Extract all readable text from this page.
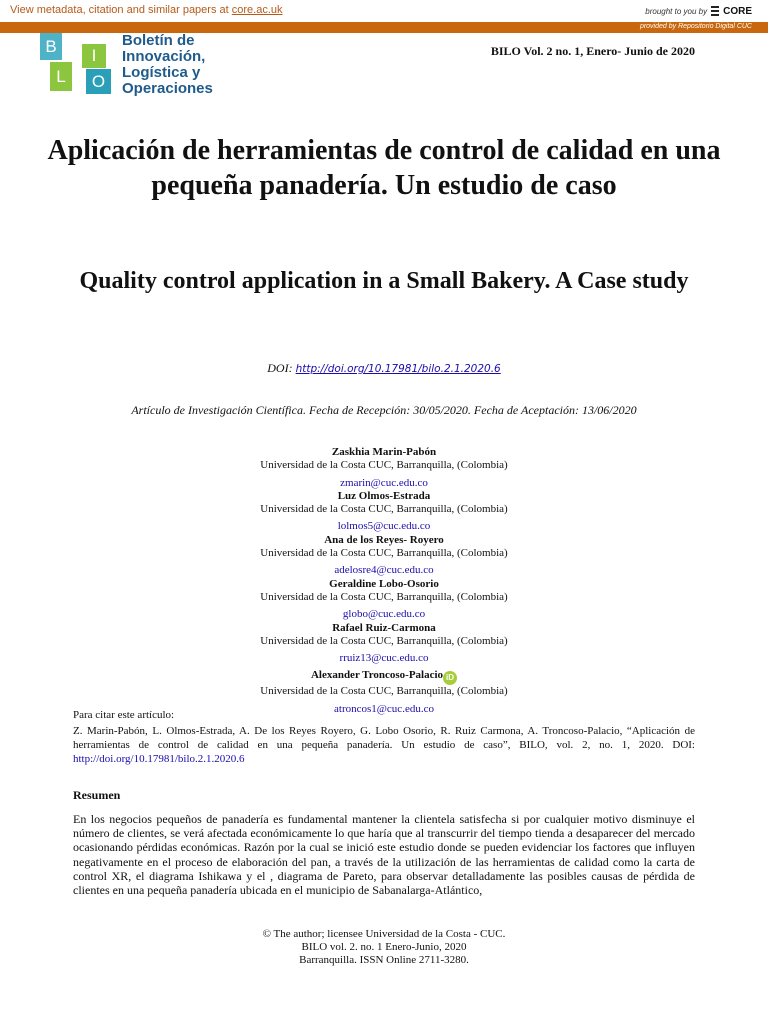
View metadata, citation and similar papers at core.ac.uk	brought to you by CORE
provided by Repositorio Digital CUC
B	I
L	O
Boletín de
Innovación,
Logística y
Operaciones
BILO Vol. 2 no. 1, Enero- Junio de 2020
Aplicación de herramientas de control de calidad en una pequeña panadería. Un estudio de caso
Quality control application in a Small Bakery. A Case study
DOI: http://doi.org/10.17981/bilo.2.1.2020.6
Artículo de Investigación Científica. Fecha de Recepción: 30/05/2020. Fecha de Aceptación: 13/06/2020
Zaskhia Marin-Pabón
Universidad de la Costa CUC, Barranquilla, (Colombia)
zmarin@cuc.edu.co
Luz Olmos-Estrada
Universidad de la Costa CUC, Barranquilla, (Colombia)
lolmos5@cuc.edu.co
Ana de los Reyes- Royero
Universidad de la Costa CUC, Barranquilla, (Colombia)
adelosre4@cuc.edu.co
Geraldine Lobo-Osorio
Universidad de la Costa CUC, Barranquilla, (Colombia)
globo@cuc.edu.co
Rafael Ruiz-Carmona
Universidad de la Costa CUC, Barranquilla, (Colombia)
rruiz13@cuc.edu.co
Alexander Troncoso-Palacio iD
Universidad de la Costa CUC, Barranquilla, (Colombia)
atroncos1@cuc.edu.co
Para citar este artículo:
Z. Marin-Pabón, L. Olmos-Estrada, A. De los Reyes Royero, G. Lobo Osorio, R. Ruiz Carmona, A. Troncoso-Palacio, “Aplicación de herramientas de control de calidad en una pequeña panadería. Un estudio de caso”, BILO, vol. 2, no. 1, 2020. DOI: http://doi.org/10.17981/bilo.2.1.2020.6
Resumen
En los negocios pequeños de panadería es fundamental mantener la clientela satisfecha si por cualquier motivo disminuye el número de clientes, se verá afectada económicamente lo que haría que al transcurrir del tiempo tienda a desaparecer del mercado ocasionando pérdidas económicas. Razón por la cual se inició este estudio donde se pueden evidenciar los factores que influyen negativamente en el proceso de elaboración del pan, a través de la utilización de las herramientas de calidad como la carta de control XR, el diagrama Ishikawa y el , diagrama de Pareto, para observar detalladamente las posibles causas de pérdida de clientes en una pequeña panadería ubicada en el municipio de Sabanalarga-Atlántico,
© The author; licensee Universidad de la Costa - CUC.
BILO vol. 2. no. 1 Enero-Junio, 2020
Barranquilla. ISSN Online 2711-3280.
